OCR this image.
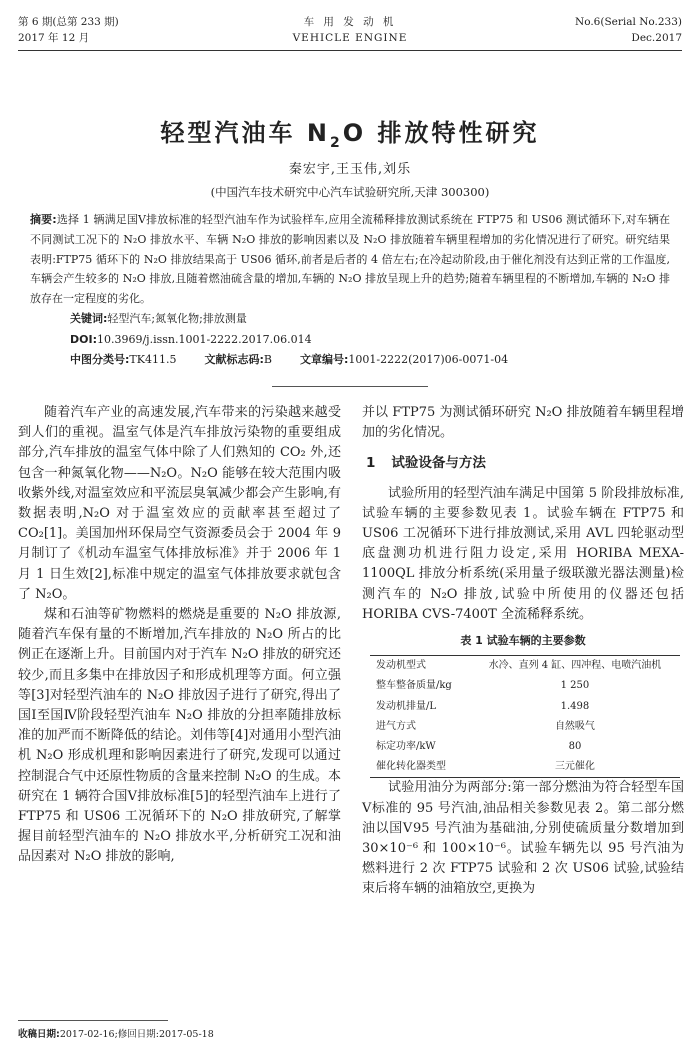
第 6 期(总第 233 期)
2017 年 12 月
车 用 发 动 机
VEHICLE ENGINE
No.6(Serial No.233)
Dec.2017
轻型汽油车 $N_2O$ 排放特性研究
秦宏宇,王玉伟,刘乐
(中国汽车技术研究中心汽车试验研究所,天津 300300)
摘要:选择 1 辆满足国Ⅴ排放标准的轻型汽油车作为试验样车,应用全流稀释排放测试系统在 FTP75 和 US06 测试循环下,对车辆在不同测试工况下的 N₂O 排放水平、车辆 N₂O 排放的影响因素以及 N₂O 排放随着车辆里程增加的劣化情况进行了研究。研究结果表明:FTP75 循环下的 N₂O 排放结果高于 US06 循环,前者是后者的 4 倍左右;在冷起动阶段,由于催化剂没有达到正常的工作温度,车辆会产生较多的 N₂O 排放,且随着燃油硫含量的增加,车辆的 N₂O 排放呈现上升的趋势;随着车辆里程的不断增加,车辆的 N₂O 排放存在一定程度的劣化。
关键词:轻型汽车;氮氧化物;排放测量
DOI:10.3969/j.issn.1001-2222.2017.06.014
中图分类号:TK411.5	文献标志码:B	文章编号:1001-2222(2017)06-0071-04

随着汽车产业的高速发展,汽车带来的污染越来越受到人们的重视。温室气体是汽车排放污染物的重要组成部分,汽车排放的温室气体中除了人们熟知的 CO₂ 外,还包含一种氮氧化物——N₂O。N₂O 能够在较大范围内吸收紫外线,对温室效应和平流层臭氧减少都会产生影响,有数据表明,N₂O 对于温室效应的贡献率甚至超过了 CO₂[1]。美国加州环保局空气资源委员会于 2004 年 9 月制订了《机动车温室气体排放标准》并于 2006 年 1 月 1 日生效[2],标准中规定的温室气体排放要求就包含了 N₂O。

煤和石油等矿物燃料的燃烧是重要的 N₂O 排放源,随着汽车保有量的不断增加,汽车排放的 N₂O 所占的比例正在逐渐上升。目前国内对于汽车 N₂O 排放的研究还较少,而且多集中在排放因子和形成机理等方面。何立强等[3]对轻型汽油车的 N₂O 排放因子进行了研究,得出了国Ⅰ至国Ⅳ阶段轻型汽油车 N₂O 排放的分担率随排放标准的加严而不断降低的结论。刘伟等[4]对通用小型汽油机 N₂O 形成机理和影响因素进行了研究,发现可以通过控制混合气中还原性物质的含量来控制 N₂O 的生成。本研究在 1 辆符合国Ⅴ排放标准[5]的轻型汽油车上进行了 FTP75 和 US06 工况循环下的 N₂O 排放研究,了解掌握目前轻型汽油车的 N₂O 排放水平,分析研究工况和油品因素对 N₂O 排放的影响,

并以 FTP75 为测试循环研究 N₂O 排放随着车辆里程增加的劣化情况。

1 试验设备与方法

试验所用的轻型汽油车满足中国第 5 阶段排放标准,试验车辆的主要参数见表 1。试验车辆在 FTP75 和 US06 工况循环下进行排放测试,采用 AVL 四轮驱动型底盘测功机进行阻力设定,采用 HORIBA MEXA-1100QL 排放分析系统(采用量子级联激光器法测量)检测汽车的 N₂O 排放,试验中所使用的仪器还包括 HORIBA CVS-7400T 全流稀释系统。

表 1 试验车辆的主要参数
发动机型式	水冷、直列 4 缸、四冲程、电喷汽油机
整车整备质量/kg	1 250
发动机排量/L	1.498
进气方式	自然吸气
标定功率/kW	80
催化转化器类型	三元催化

试验用油分为两部分:第一部分燃油为符合轻型车国Ⅴ标准的 95 号汽油,油品相关参数见表 2。第二部分燃油以国Ⅴ95 号汽油为基础油,分别使硫质量分数增加到 30×10⁻⁶ 和 100×10⁻⁶。试验车辆先以 95 号汽油为燃料进行 2 次 FTP75 试验和 2 次 US06 试验,试验结束后将车辆的油箱放空,更换为

收稿日期:2017-02-16;修回日期:2017-05-18
